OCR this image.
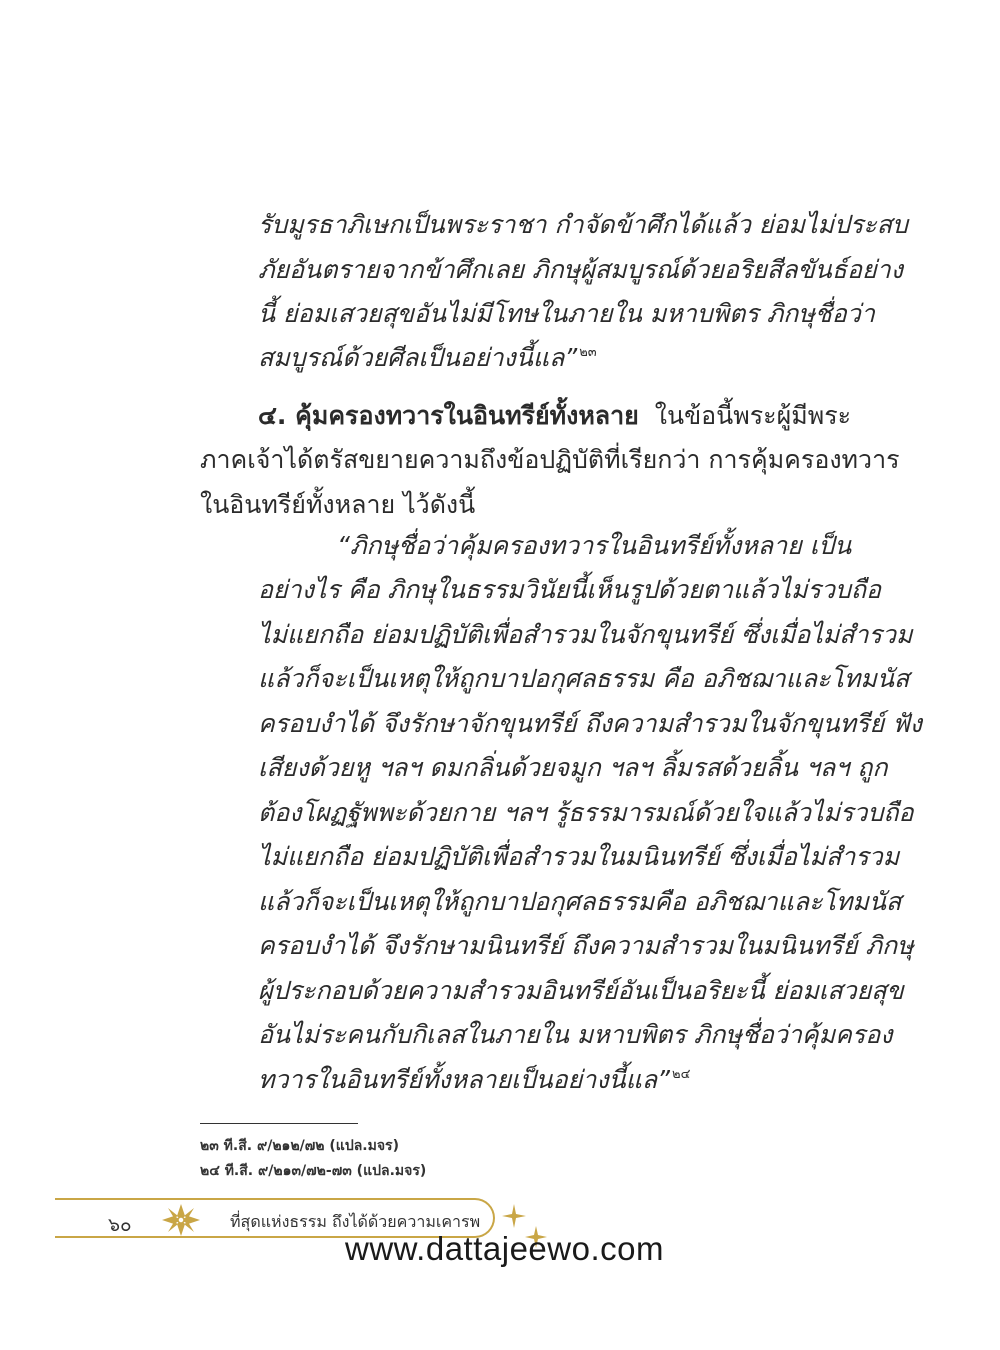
รับมูรธาภิเษกเป็นพระราชา กำจัดข้าศึกได้แล้ว ย่อมไม่ประสบ
ภัยอันตรายจากข้าศึกเลย ภิกษุผู้สมบูรณ์ด้วยอริยสีลขันธ์อย่าง
นี้ ย่อมเสวยสุขอันไม่มีโทษในภายใน มหาบพิตร ภิกษุชื่อว่า
สมบูรณ์ด้วยศีลเป็นอย่างนี้แล” $^{๒๓}$
๔. คุ้มครองทวารในอินทรีย์ทั้งหลาย ในข้อนี้พระผู้มีพระ
ภาคเจ้าได้ตรัสขยายความถึงข้อปฏิบัติที่เรียกว่า การคุ้มครองทวาร
ในอินทรีย์ทั้งหลาย ไว้ดังนี้
“ภิกษุชื่อว่าคุ้มครองทวารในอินทรีย์ทั้งหลาย เป็น
อย่างไร คือ ภิกษุในธรรมวินัยนี้เห็นรูปด้วยตาแล้วไม่รวบถือ
ไม่แยกถือ ย่อมปฏิบัติเพื่อสำรวมในจักขุนทรีย์ ซึ่งเมื่อไม่สำรวม
แล้วก็จะเป็นเหตุให้ถูกบาปอกุศลธรรม คือ อภิชฌาและโทมนัส
ครอบงำได้ จึงรักษาจักขุนทรีย์ ถึงความสำรวมในจักขุนทรีย์ ฟัง
เสียงด้วยหู ฯลฯ ดมกลิ่นด้วยจมูก ฯลฯ ลิ้มรสด้วยลิ้น ฯลฯ ถูก
ต้องโผฏฐัพพะด้วยกาย ฯลฯ รู้ธรรมารมณ์ด้วยใจแล้วไม่รวบถือ
ไม่แยกถือ ย่อมปฏิบัติเพื่อสำรวมในมนินทรีย์ ซึ่งเมื่อไม่สำรวม
แล้วก็จะเป็นเหตุให้ถูกบาปอกุศลธรรมคือ อภิชฌาและโทมนัส
ครอบงำได้ จึงรักษามนินทรีย์ ถึงความสำรวมในมนินทรีย์ ภิกษุ
ผู้ประกอบด้วยความสำรวมอินทรีย์อันเป็นอริยะนี้ ย่อมเสวยสุข
อันไม่ระคนกับกิเลสในภายใน มหาบพิตร ภิกษุชื่อว่าคุ้มครอง
ทวารในอินทรีย์ทั้งหลายเป็นอย่างนี้แล” $^{๒๔}$
๒๓ ที.สี. ๙/๒๑๒/๗๒ (แปล.มจร)
๒๔ ที.สี. ๙/๒๑๓/๗๒-๗๓ (แปล.มจร)
๖๐	ที่สุดแห่งธรรม ถึงได้ด้วยความเคารพ
www.dattajeewo.com
